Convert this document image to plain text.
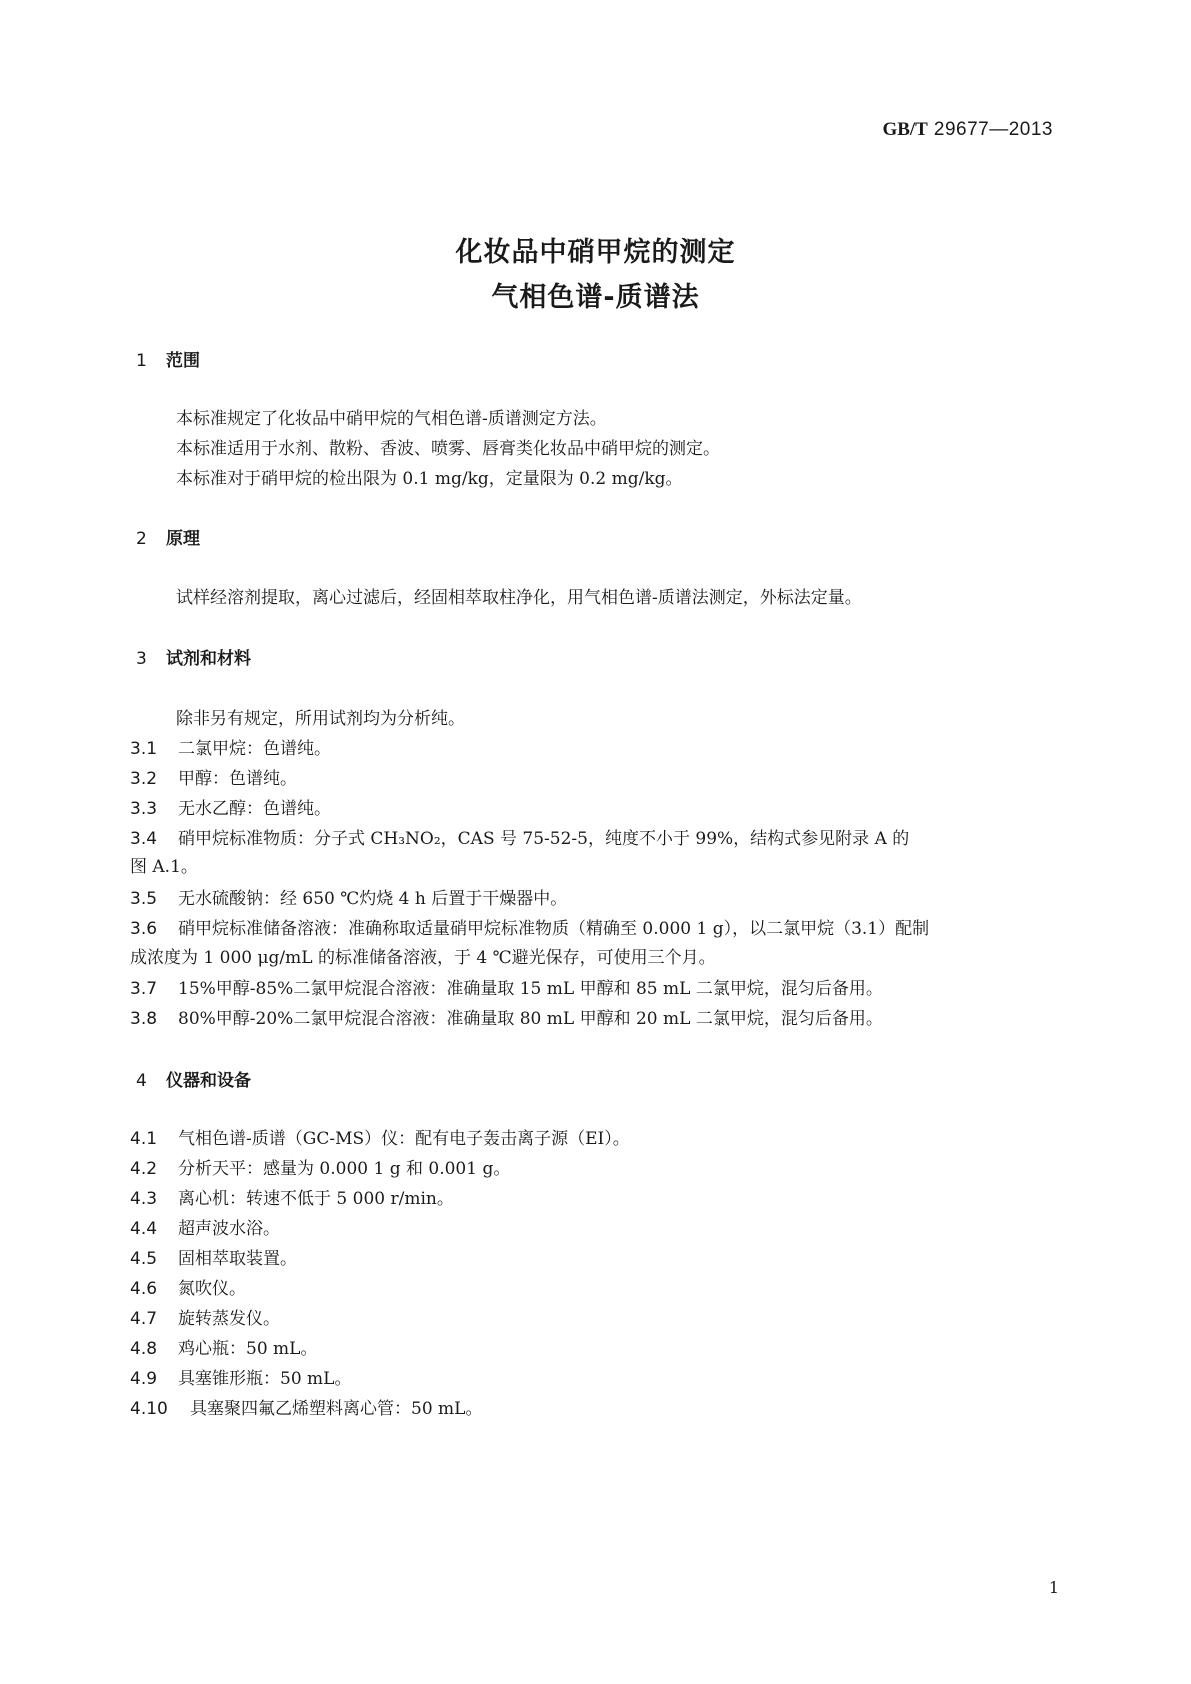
GB/T 29677—2013
化妆品中硝甲烷的测定
气相色谱-质谱法
1 范围
本标准规定了化妆品中硝甲烷的气相色谱-质谱测定方法。
本标准适用于水剂、散粉、香波、喷雾、唇膏类化妆品中硝甲烷的测定。
本标准对于硝甲烷的检出限为 0.1 mg/kg，定量限为 0.2 mg/kg。
2 原理
试样经溶剂提取，离心过滤后，经固相萃取柱净化，用气相色谱-质谱法测定，外标法定量。
3 试剂和材料
除非另有规定，所用试剂均为分析纯。
3.1 二氯甲烷：色谱纯。
3.2 甲醇：色谱纯。
3.3 无水乙醇：色谱纯。
3.4 硝甲烷标准物质：分子式 CH₃NO₂，CAS 号 75-52-5，纯度不小于 99%，结构式参见附录 A 的
图 A.1。
3.5 无水硫酸钠：经 650 ℃灼烧 4 h 后置于干燥器中。
3.6 硝甲烷标准储备溶液：准确称取适量硝甲烷标准物质（精确至 0.000 1 g），以二氯甲烷（3.1）配制
成浓度为 1 000 μg/mL 的标准储备溶液，于 4 ℃避光保存，可使用三个月。
3.7 15%甲醇-85%二氯甲烷混合溶液：准确量取 15 mL 甲醇和 85 mL 二氯甲烷，混匀后备用。
3.8 80%甲醇-20%二氯甲烷混合溶液：准确量取 80 mL 甲醇和 20 mL 二氯甲烷，混匀后备用。
4 仪器和设备
4.1 气相色谱-质谱（GC-MS）仪：配有电子轰击离子源（EI）。
4.2 分析天平：感量为 0.000 1 g 和 0.001 g。
4.3 离心机：转速不低于 5 000 r/min。
4.4 超声波水浴。
4.5 固相萃取装置。
4.6 氮吹仪。
4.7 旋转蒸发仪。
4.8 鸡心瓶：50 mL。
4.9 具塞锥形瓶：50 mL。
4.10 具塞聚四氟乙烯塑料离心管：50 mL。
1
